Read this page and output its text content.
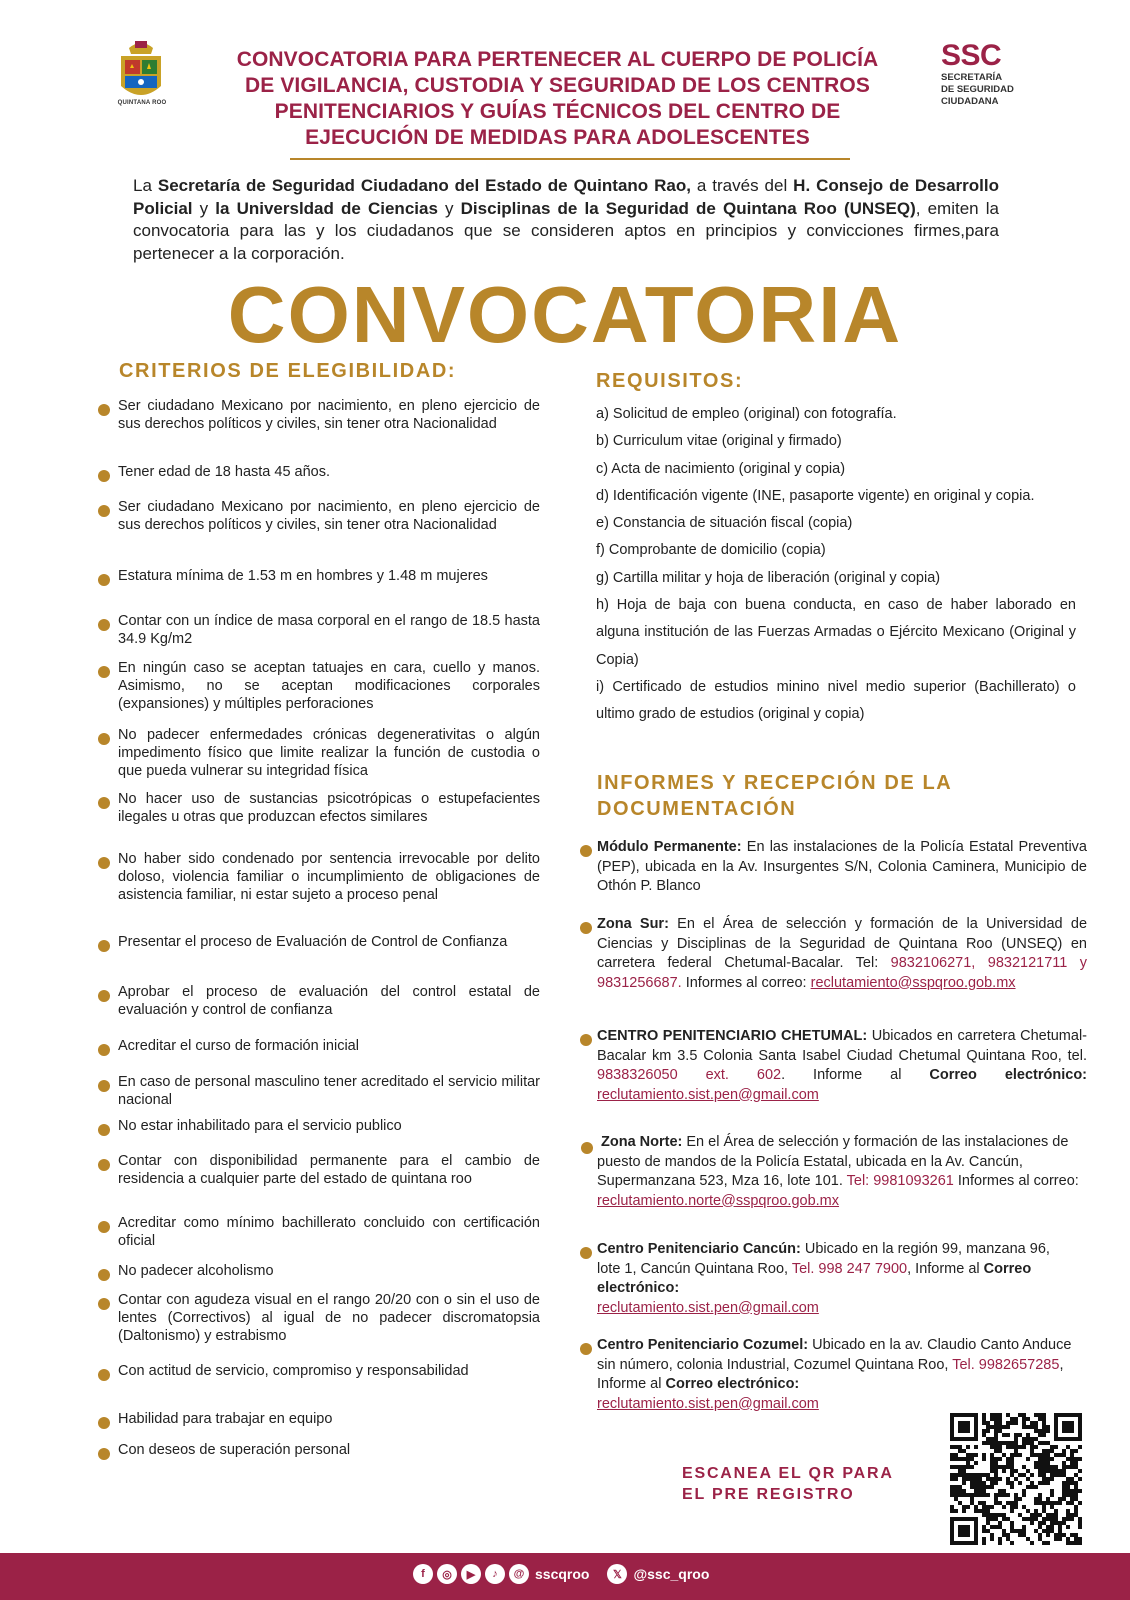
QUINTANA ROO
CONVOCATORIA PARA PERTENECER AL CUERPO DE POLICÍA
DE VIGILANCIA, CUSTODIA Y SEGURIDAD DE LOS CENTROS
PENITENCIARIOS Y GUÍAS TÉCNICOS DEL CENTRO DE
EJECUCIÓN DE MEDIDAS PARA ADOLESCENTES
SSC
SECRETARÍA
DE SEGURIDAD
CIUDADANA
La Secretaría de Seguridad Ciudadano del Estado de Quintano Rao, a través del H. Consejo de Desarrollo Policial y la Universldad de Ciencias y Disciplinas de la Seguridad de Quintana Roo (UNSEQ), emiten la convocatoria para las y los ciudadanos que se consideren aptos en principios y convicciones firmes,para pertenecer a la corporación.
CONVOCATORIA
CRITERIOS DE ELEGIBILIDAD:
Ser ciudadano Mexicano por nacimiento, en pleno ejercicio de sus derechos políticos y civiles, sin tener otra Nacionalidad
Tener edad de 18 hasta 45 años.
Ser ciudadano Mexicano por nacimiento, en pleno ejercicio de sus derechos políticos y civiles, sin tener otra Nacionalidad
Estatura mínima de 1.53 m en hombres y 1.48 m mujeres
Contar con un índice de masa corporal en el rango de 18.5 hasta 34.9 Kg/m2
En ningún caso se aceptan tatuajes en cara, cuello y manos. Asimismo, no se aceptan modificaciones corporales (expansiones) y múltiples perforaciones
No padecer enfermedades crónicas degenerativitas o algún impedimento físico que limite realizar la función de custodia o que pueda vulnerar su integridad física
No hacer uso de sustancias psicotrópicas o estupefacientes ilegales u otras que produzcan efectos similares
No haber sido condenado por sentencia irrevocable por delito doloso, violencia familiar o incumplimiento de obligaciones de asistencia familiar, ni estar sujeto a proceso penal
Presentar el proceso de Evaluación de Control de Confianza
Aprobar el proceso de evaluación del control estatal de evaluación y control de confianza
Acreditar el curso de formación inicial
En caso de personal masculino tener acreditado el servicio militar nacional
No estar inhabilitado para el servicio publico
Contar con disponibilidad permanente para el cambio de residencia a cualquier parte del estado de quintana roo
Acreditar como mínimo bachillerato concluido con certificación oficial
No padecer alcoholismo
Contar con agudeza visual en el rango 20/20 con o sin el uso de lentes (Correctivos) al igual de no padecer discromatopsia (Daltonismo) y estrabismo
Con actitud de servicio, compromiso y responsabilidad
Habilidad para trabajar en equipo
Con deseos de superación personal
REQUISITOS:
a) Solicitud de empleo (original) con fotografía.
b) Curriculum vitae (original y firmado)
c) Acta de nacimiento (original y copia)
d) Identificación vigente (INE, pasaporte vigente) en original y copia.
e) Constancia de situación fiscal (copia)
f) Comprobante de domicilio (copia)
g) Cartilla militar y hoja de liberación (original y copia)
h) Hoja de baja con buena conducta, en caso de haber laborado en alguna institución de las Fuerzas Armadas o Ejército Mexicano (Original y Copia)
i) Certificado de estudios minino nivel medio superior (Bachillerato) o ultimo grado de estudios (original y copia)
INFORMES Y RECEPCIÓN DE LA
DOCUMENTACIÓN
Módulo Permanente: En las instalaciones de la Policía Estatal Preventiva (PEP), ubicada en la Av. Insurgentes S/N, Colonia Caminera, Municipio de Othón P. Blanco
Zona Sur: En el Área de selección y formación de la Universidad de Ciencias y Disciplinas de la Seguridad de Quintana Roo (UNSEQ) en carretera federal Chetumal-Bacalar. Tel: 9832106271, 9832121711 y 9831256687. Informes al correo: reclutamiento@sspqroo.gob.mx
CENTRO PENITENCIARIO CHETUMAL: Ubicados en carretera Chetumal-Bacalar km 3.5 Colonia Santa Isabel Ciudad Chetumal Quintana Roo, tel. 9838326050 ext. 602. Informe al Correo electrónico: reclutamiento.sist.pen@gmail.com
Zona Norte: En el Área de selección y formación de las instalaciones de puesto de mandos de la Policía Estatal, ubicada en la Av. Cancún, Supermanzana 523, Mza 16, lote 101. Tel: 9981093261 Informes al correo:
reclutamiento.norte@sspqroo.gob.mx
Centro Penitenciario Cancún: Ubicado en la región 99, manzana 96, lote 1, Cancún Quintana Roo, Tel. 998 247 7900, Informe al Correo electrónico:
reclutamiento.sist.pen@gmail.com
Centro Penitenciario Cozumel: Ubicado en la av. Claudio Canto Anduce sin número, colonia Industrial, Cozumel Quintana Roo, Tel. 9982657285, Informe al Correo electrónico:
reclutamiento.sist.pen@gmail.com
ESCANEA EL QR PARA
EL PRE REGISTRO
f	◎	▶	♪	@ sscqroo	𝕏 @ssc_qroo
